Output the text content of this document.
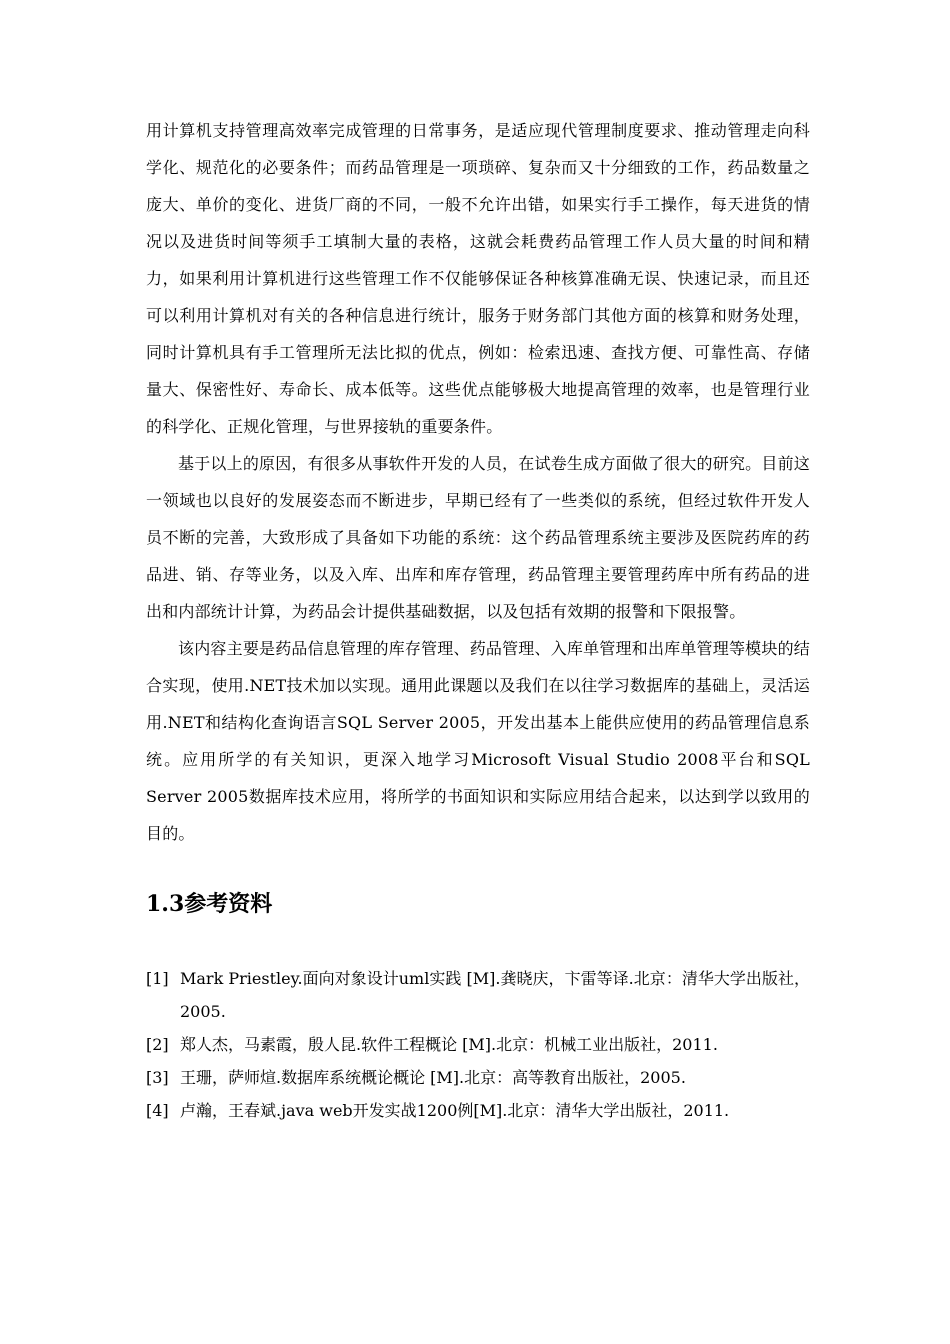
用计算机支持管理高效率完成管理的日常事务，是适应现代管理制度要求、推动管理走向科学化、规范化的必要条件；而药品管理是一项琐碎、复杂而又十分细致的工作，药品数量之庞大、单价的变化、进货厂商的不同，一般不允许出错，如果实行手工操作，每天进货的情况以及进货时间等须手工填制大量的表格，这就会耗费药品管理工作人员大量的时间和精力，如果利用计算机进行这些管理工作不仅能够保证各种核算准确无误、快速记录，而且还可以利用计算机对有关的各种信息进行统计，服务于财务部门其他方面的核算和财务处理，同时计算机具有手工管理所无法比拟的优点，例如：检索迅速、查找方便、可靠性高、存储量大、保密性好、寿命长、成本低等。这些优点能够极大地提高管理的效率，也是管理行业的科学化、正规化管理，与世界接轨的重要条件。

基于以上的原因，有很多从事软件开发的人员，在试卷生成方面做了很大的研究。目前这一领域也以良好的发展姿态而不断进步，早期已经有了一些类似的系统，但经过软件开发人员不断的完善，大致形成了具备如下功能的系统：这个药品管理系统主要涉及医院药库的药品进、销、存等业务，以及入库、出库和库存管理，药品管理主要管理药库中所有药品的进出和内部统计计算，为药品会计提供基础数据，以及包括有效期的报警和下限报警。

该内容主要是药品信息管理的库存管理、药品管理、入库单管理和出库单管理等模块的结合实现，使用.NET技术加以实现。通用此课题以及我们在以往学习数据库的基础上，灵活运用.NET和结构化查询语言SQL Server 2005，开发出基本上能供应使用的药品管理信息系统。应用所学的有关知识，更深入地学习Microsoft Visual Studio 2008平台和SQL Server 2005数据库技术应用，将所学的书面知识和实际应用结合起来，以达到学以致用的目的。

1.3参考资料
[1] Mark Priestley.面向对象设计uml实践 [M].龚晓庆，卞雷等译.北京：清华大学出版社，2005.
[2] 郑人杰，马素霞，殷人昆.软件工程概论 [M].北京：机械工业出版社，2011.
[3] 王珊，萨师煊.数据库系统概论概论 [M].北京：高等教育出版社，2005.
[4] 卢瀚，王春斌.java web开发实战1200例[M].北京：清华大学出版社，2011.
